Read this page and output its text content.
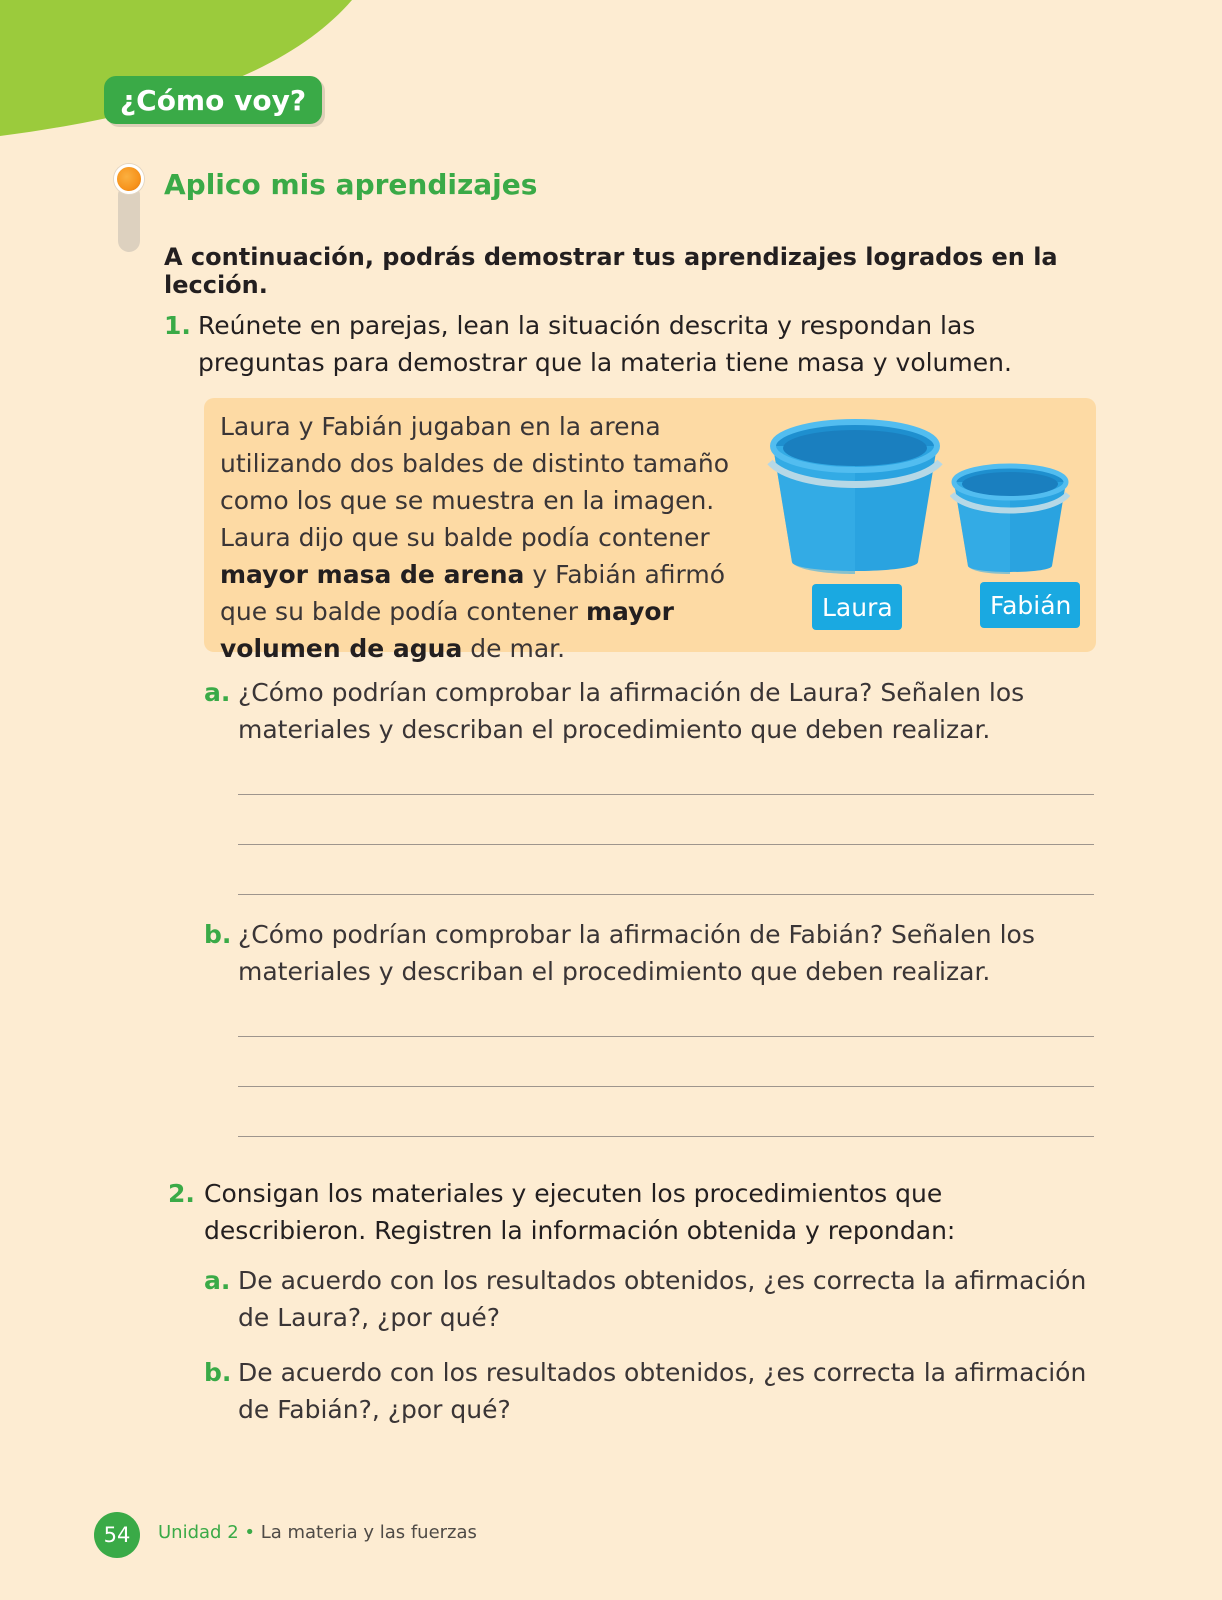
¿Cómo voy?
Aplico mis aprendizajes
A continuación, podrás demostrar tus aprendizajes logrados en la lección.
1. Reúnete en parejas, lean la situación descrita y respondan las preguntas para demostrar que la materia tiene masa y volumen.
Laura y Fabián jugaban en la arena utilizando dos baldes de distinto tamaño como los que se muestra en la imagen. Laura dijo que su balde podía contener mayor masa de arena y Fabián afirmó que su balde podía contener mayor volumen de agua de mar.
Laura	Fabián
a. ¿Cómo podrían comprobar la afirmación de Laura? Señalen los materiales y describan el procedimiento que deben realizar.
b. ¿Cómo podrían comprobar la afirmación de Fabián? Señalen los materiales y describan el procedimiento que deben realizar.
2. Consigan los materiales y ejecuten los procedimientos que describieron. Registren la información obtenida y repondan:
a. De acuerdo con los resultados obtenidos, ¿es correcta la afirmación de Laura?, ¿por qué?
b. De acuerdo con los resultados obtenidos, ¿es correcta la afirmación de Fabián?, ¿por qué?
54	Unidad 2 • La materia y las fuerzas
